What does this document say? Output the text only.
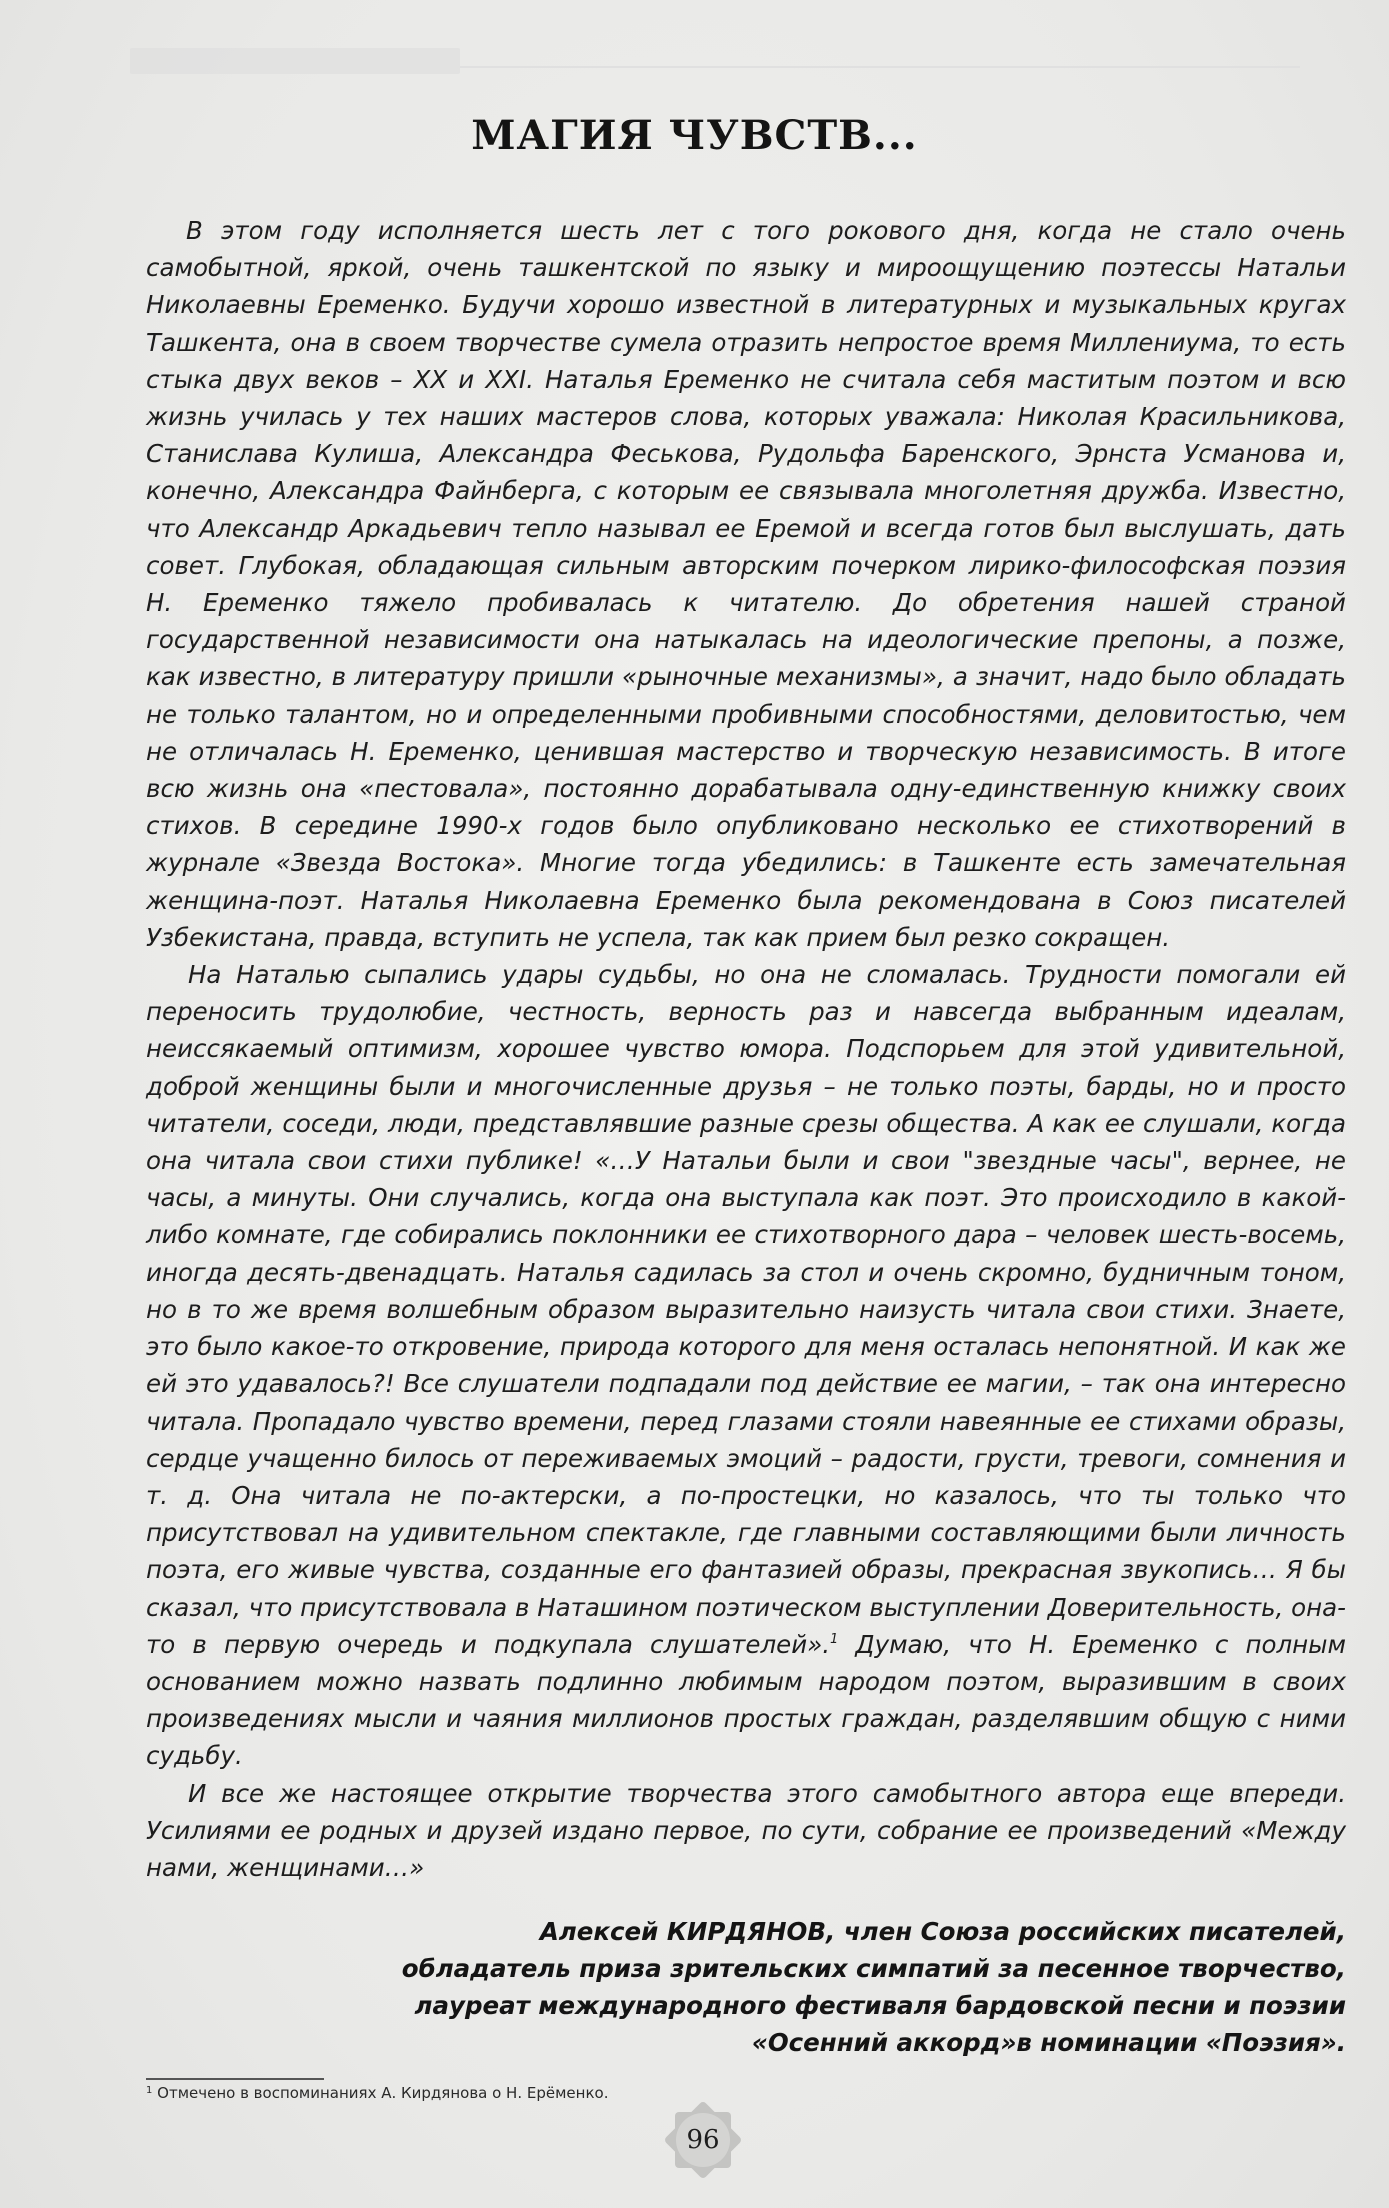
МАГИЯ ЧУВСТВ...

В этом году исполняется шесть лет с того рокового дня, когда не стало очень самобытной, яркой, очень ташкентской по языку и мироощущению поэтессы Натальи Николаевны Еременко. Будучи хорошо известной в литературных и музыкальных кругах Ташкента, она в своем творчестве сумела отразить непростое время Миллениума, то есть стыка двух веков – XX и XXI. Наталья Еременко не считала себя маститым поэтом и всю жизнь училась у тех наших мастеров слова, которых уважала: Николая Красильникова, Станислава Кулиша, Александра Феськова, Рудольфа Баренского, Эрнста Усманова и, конечно, Александра Файнберга, с которым ее связывала многолетняя дружба. Известно, что Александр Аркадьевич тепло называл ее Еремой и всегда готов был выслушать, дать совет. Глубокая, обладающая сильным авторским почерком лирико-философская поэзия Н. Еременко тяжело пробивалась к читателю. До обретения нашей страной государственной независимости она натыкалась на идеологические препоны, а позже, как известно, в литературу пришли «рыночные механизмы», а значит, надо было обладать не только талантом, но и определенными пробивными способностями, деловитостью, чем не отличалась Н. Еременко, ценившая мастерство и творческую независимость. В итоге всю жизнь она «пестовала», постоянно дорабатывала одну-единственную книжку своих стихов. В середине 1990-х годов было опубликовано несколько ее стихотворений в журнале «Звезда Востока». Многие тогда убедились: в Ташкенте есть замечательная женщина-поэт. Наталья Николаевна Еременко была рекомендована в Союз писателей Узбекистана, правда, вступить не успела, так как прием был резко сокращен.

На Наталью сыпались удары судьбы, но она не сломалась. Трудности помогали ей переносить трудолюбие, честность, верность раз и навсегда выбранным идеалам, неиссякаемый оптимизм, хорошее чувство юмора. Подспорьем для этой удивительной, доброй женщины были и многочисленные друзья – не только поэты, барды, но и просто читатели, соседи, люди, представлявшие разные срезы общества. А как ее слушали, когда она читала свои стихи публике! «…У Натальи были и свои "звездные часы", вернее, не часы, а минуты. Они случались, когда она выступала как поэт. Это происходило в какой-либо комнате, где собирались поклонники ее стихотворного дара – человек шесть-восемь, иногда десять-двенадцать. Наталья садилась за стол и очень скромно, будничным тоном, но в то же время волшебным образом выразительно наизусть читала свои стихи. Знаете, это было какое-то откровение, природа которого для меня осталась непонятной. И как же ей это удавалось?! Все слушатели подпадали под действие ее магии, – так она интересно читала. Пропадало чувство времени, перед глазами стояли навеянные ее стихами образы, сердце учащенно билось от переживаемых эмоций – радости, грусти, тревоги, сомнения и т. д. Она читала не по-актерски, а по-простецки, но казалось, что ты только что присутствовал на удивительном спектакле, где главными составляющими были личность поэта, его живые чувства, созданные его фантазией образы, прекрасная звукопись… Я бы сказал, что присутствовала в Наташином поэтическом выступлении Доверительность, она-то в первую очередь и подкупала слушателей».$^1$ Думаю, что Н. Еременко с полным основанием можно назвать подлинно любимым народом поэтом, выразившим в своих произведениях мысли и чаяния миллионов простых граждан, разделявшим общую с ними судьбу.

И все же настоящее открытие творчества этого самобытного автора еще впереди. Усилиями ее родных и друзей издано первое, по сути, собрание ее произведений «Между нами, женщинами…»

Алексей КИРДЯНОВ, член Союза российских писателей,
обладатель приза зрительских симпатий за песенное творчество,
лауреат международного фестиваля бардовской песни и поэзии
«Осенний аккорд»в номинации «Поэзия».
$^1$ Отмечено в воспоминаниях А. Кирдянова о Н. Ерёменко.
96
